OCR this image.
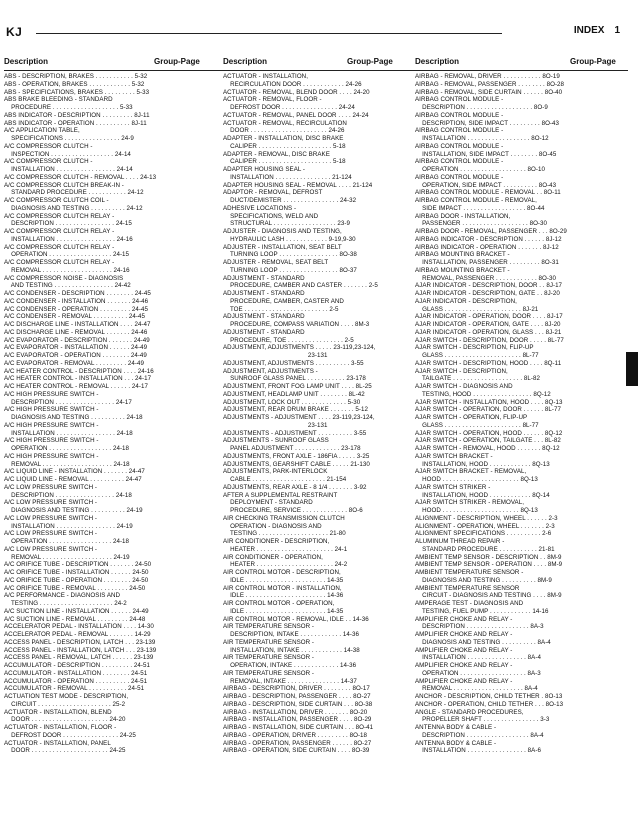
KJ	INDEX 1
Description	Group-Page	Description	Group-Page	Description	Group-Page
ABS - DESCRIPTION, BRAKES . . . . . . . . . . . 5-32
ABS - OPERATION, BRAKES . . . . . . . . . . . . 5-32
ABS - SPECIFICATIONS, BRAKES . . . . . . . . . 5-33
ABS BRAKE BLEEDING - STANDARD
PROCEDURE . . . . . . . . . . . . . . . . . . . 5-33
ABS INDICATOR - DESCRIPTION . . . . . . . . . 8J-11
ABS INDICATOR - OPERATION . . . . . . . . . . 8J-11
A/C APPLICATION TABLE,
SPECIFICATIONS . . . . . . . . . . . . . . . . 24-9
A/C COMPRESSOR CLUTCH -
INSPECTION . . . . . . . . . . . . . . . . . . 24-14
A/C COMPRESSOR CLUTCH -
INSTALLATION . . . . . . . . . . . . . . . . . 24-14
A/C COMPRESSOR CLUTCH - REMOVAL . . . . 24-13
A/C COMPRESSOR CLUTCH BREAK-IN -
STANDARD PROCEDURE . . . . . . . . . . . 24-12
A/C COMPRESSOR CLUTCH COIL -
DIAGNOSIS AND TESTING . . . . . . . . . . 24-12
A/C COMPRESSOR CLUTCH RELAY -
DESCRIPTION . . . . . . . . . . . . . . . . . 24-15
A/C COMPRESSOR CLUTCH RELAY -
INSTALLATION . . . . . . . . . . . . . . . . . 24-16
A/C COMPRESSOR CLUTCH RELAY -
OPERATION . . . . . . . . . . . . . . . . . . 24-15
A/C COMPRESSOR CLUTCH RELAY -
REMOVAL . . . . . . . . . . . . . . . . . . . . 24-16
A/C COMPRESSOR NOISE - DIAGNOSIS
AND TESTING . . . . . . . . . . . . . . . . . 24-42
A/C CONDENSER - DESCRIPTION . . . . . . . . 24-45
A/C CONDENSER - INSTALLATION . . . . . . . 24-46
A/C CONDENSER - OPERATION . . . . . . . . . 24-45
A/C CONDENSER - REMOVAL . . . . . . . . . . 24-45
A/C DISCHARGE LINE - INSTALLATION . . . . 24-47
A/C DISCHARGE LINE - REMOVAL . . . . . . . 24-46
A/C EVAPORATOR - DESCRIPTION . . . . . . . 24-49
A/C EVAPORATOR - INSTALLATION . . . . . . 24-49
A/C EVAPORATOR - OPERATION . . . . . . . . 24-49
A/C EVAPORATOR - REMOVAL . . . . . . . . . 24-49
A/C HEATER CONTROL - DESCRIPTION . . . . 24-16
A/C HEATER CONTROL - INSTALLATION . . . 24-17
A/C HEATER CONTROL - REMOVAL . . . . . . 24-17
A/C HIGH PRESSURE SWITCH -
DESCRIPTION . . . . . . . . . . . . . . . . . 24-17
A/C HIGH PRESSURE SWITCH -
DIAGNOSIS AND TESTING . . . . . . . . . . 24-18
A/C HIGH PRESSURE SWITCH -
INSTALLATION . . . . . . . . . . . . . . . . . 24-18
A/C HIGH PRESSURE SWITCH -
OPERATION . . . . . . . . . . . . . . . . . . 24-18
A/C HIGH PRESSURE SWITCH -
REMOVAL . . . . . . . . . . . . . . . . . . . . 24-18
A/C LIQUID LINE - INSTALLATION . . . . . . . 24-47
A/C LIQUID LINE - REMOVAL . . . . . . . . . . 24-47
A/C LOW PRESSURE SWITCH -
DESCRIPTION . . . . . . . . . . . . . . . . . 24-18
A/C LOW PRESSURE SWITCH -
DIAGNOSIS AND TESTING . . . . . . . . . . 24-19
A/C LOW PRESSURE SWITCH -
INSTALLATION . . . . . . . . . . . . . . . . . 24-19
A/C LOW PRESSURE SWITCH -
OPERATION . . . . . . . . . . . . . . . . . . 24-18
A/C LOW PRESSURE SWITCH -
REMOVAL . . . . . . . . . . . . . . . . . . . . 24-19
A/C ORIFICE TUBE - DESCRIPTION . . . . . . . 24-50
A/C ORIFICE TUBE - INSTALLATION . . . . . . 24-50
A/C ORIFICE TUBE - OPERATION . . . . . . . . 24-50
A/C ORIFICE TUBE - REMOVAL . . . . . . . . . 24-50
A/C PERFORMANCE - DIAGNOSIS AND
TESTING . . . . . . . . . . . . . . . . . . . . . 24-2
A/C SUCTION LINE - INSTALLATION . . . . . . 24-49
A/C SUCTION LINE - REMOVAL . . . . . . . . . 24-48
ACCELERATOR PEDAL - INSTALLATION . . . . 14-30
ACCELERATOR PEDAL - REMOVAL . . . . . . . 14-29
ACCESS PANEL - DESCRIPTION, LATCH . . . 23-139
ACCESS PANEL - INSTALLATION, LATCH . . . 23-139
ACCESS PANEL - REMOVAL, LATCH . . . . . . 23-139
ACCUMULATOR - DESCRIPTION . . . . . . . . . 24-51
ACCUMULATOR - INSTALLATION . . . . . . . . 24-51
ACCUMULATOR - OPERATION . . . . . . . . . . 24-51
ACCUMULATOR - REMOVAL . . . . . . . . . . . 24-51
ACTUATION TEST MODE - DESCRIPTION,
CIRCUIT . . . . . . . . . . . . . . . . . . . . . 25-2
ACTUATOR - INSTALLATION, BLEND
DOOR . . . . . . . . . . . . . . . . . . . . . . 24-20
ACTUATOR - INSTALLATION, FLOOR -
DEFROST DOOR . . . . . . . . . . . . . . . . 24-25
ACTUATOR - INSTALLATION, PANEL
DOOR . . . . . . . . . . . . . . . . . . . . . . 24-25
ACTUATOR - INSTALLATION,
RECIRCULATION DOOR . . . . . . . . . . . . 24-26
ACTUATOR - REMOVAL, BLEND DOOR . . . . 24-20
ACTUATOR - REMOVAL, FLOOR -
DEFROST DOOR . . . . . . . . . . . . . . . . 24-24
ACTUATOR - REMOVAL, PANEL DOOR . . . . 24-24
ACTUATOR - REMOVAL, RECIRCULATION
DOOR . . . . . . . . . . . . . . . . . . . . . . 24-26
ADAPTER - INSTALLATION, DISC BRAKE
CALIPER . . . . . . . . . . . . . . . . . . . . . 5-18
ADAPTER - REMOVAL, DISC BRAKE
CALIPER . . . . . . . . . . . . . . . . . . . . . 5-18
ADAPTER HOUSING SEAL -
INSTALLATION . . . . . . . . . . . . . . . . 21-124
ADAPTER HOUSING SEAL - REMOVAL . . . . 21-124
ADAPTOR - REMOVAL, DEFROST
DUCT/DEMISTER . . . . . . . . . . . . . . . . 24-32
ADHESIVE LOCATIONS -
SPECIFICATIONS, WELD AND
STRUCTURAL . . . . . . . . . . . . . . . . . . 23-9
ADJUSTER - DIAGNOSIS AND TESTING,
HYDRAULIC LASH . . . . . . . . . . . . 9-19,9-30
ADJUSTER - INSTALLATION, SEAT BELT
TURNING LOOP . . . . . . . . . . . . . . . . . 8O-38
ADJUSTER - REMOVAL, SEAT BELT
TURNING LOOP . . . . . . . . . . . . . . . . . 8O-37
ADJUSTMENT - STANDARD
PROCEDURE, CAMBER AND CASTER . . . . . . . 2-5
ADJUSTMENT - STANDARD
PROCEDURE, CAMBER, CASTER AND
TOE . . . . . . . . . . . . . . . . . . . . . . . . 2-5
ADJUSTMENT - STANDARD
PROCEDURE, COMPASS VARIATION . . . . 8M-3
ADJUSTMENT - STANDARD
PROCEDURE, TOE . . . . . . . . . . . . . . . . 2-5
ADJUSTMENT, ADJUSTMENTS . . . . . 23-119,23-124,
23-131
ADJUSTMENT, ADJUSTMENTS . . . . . . . . . . 3-55
ADJUSTMENT, ADJUSTMENTS -
SUNROOF GLASS PANEL . . . . . . . . . . . 23-178
ADJUSTMENT, FRONT FOG LAMP UNIT . . . . 8L-25
ADJUSTMENT, HEADLAMP UNIT . . . . . . . . 8L-42
ADJUSTMENT, LOCK OUT . . . . . . . . . . . . . 5-30
ADJUSTMENT, REAR DRUM BRAKE . . . . . . . 5-12
ADJUSTMENTS - ADJUSTMENT . . . . 23-119,23-124,
23-131
ADJUSTMENTS - ADJUSTMENT . . . . . . . . . . 3-55
ADJUSTMENTS - SUNROOF GLASS
PANEL ADJUSTMENT . . . . . . . . . . . . . 23-178
ADJUSTMENTS, FRONT AXLE - 186FIA . . . . . 3-25
ADJUSTMENTS, GEARSHIFT CABLE . . . . . 21-130
ADJUSTMENTS, PARK-INTERLOCK
CABLE . . . . . . . . . . . . . . . . . . . . . 21-154
ADJUSTMENTS, REAR AXLE - 8 1/4 . . . . . . . 3-92
AFTER A SUPPLEMENTAL RESTRAINT
DEPLOYMENT - STANDARD
PROCEDURE, SERVICE . . . . . . . . . . . . . 8O-6
AIR CHECKING TRANSMISSION CLUTCH
OPERATION - DIAGNOSIS AND
TESTING . . . . . . . . . . . . . . . . . . . . 21-80
AIR CONDITIONER - DESCRIPTION,
HEATER . . . . . . . . . . . . . . . . . . . . . . 24-1
AIR CONDITIONER - OPERATION,
HEATER . . . . . . . . . . . . . . . . . . . . . . 24-2
AIR CONTROL MOTOR - DESCRIPTION,
IDLE . . . . . . . . . . . . . . . . . . . . . . . 14-35
AIR CONTROL MOTOR - INSTALLATION,
IDLE . . . . . . . . . . . . . . . . . . . . . . . 14-36
AIR CONTROL MOTOR - OPERATION,
IDLE . . . . . . . . . . . . . . . . . . . . . . . 14-35
AIR CONTROL MOTOR - REMOVAL, IDLE . . 14-36
AIR TEMPERATURE SENSOR -
DESCRIPTION, INTAKE . . . . . . . . . . . . 14-36
AIR TEMPERATURE SENSOR -
INSTALLATION, INTAKE . . . . . . . . . . . . 14-38
AIR TEMPERATURE SENSOR -
OPERATION, INTAKE . . . . . . . . . . . . . 14-36
AIR TEMPERATURE SENSOR -
REMOVAL, INTAKE . . . . . . . . . . . . . . . 14-37
AIRBAG - DESCRIPTION, DRIVER . . . . . . . . 8O-17
AIRBAG - DESCRIPTION, PASSENGER . . . . 8O-27
AIRBAG - DESCRIPTION, SIDE CURTAIN . . . 8O-38
AIRBAG - INSTALLATION, DRIVER . . . . . . . 8O-20
AIRBAG - INSTALLATION, PASSENGER . . . . 8O-29
AIRBAG - INSTALLATION, SIDE CURTAIN . . . 8O-41
AIRBAG - OPERATION, DRIVER . . . . . . . . . 8O-18
AIRBAG - OPERATION, PASSENGER . . . . . . 8O-27
AIRBAG - OPERATION, SIDE CURTAIN . . . . 8O-39
AIRBAG - REMOVAL, DRIVER . . . . . . . . . . . 8O-19
AIRBAG - REMOVAL, PASSENGER . . . . . . . . 8O-28
AIRBAG - REMOVAL, SIDE CURTAIN . . . . . . 8O-40
AIRBAG CONTROL MODULE -
DESCRIPTION . . . . . . . . . . . . . . . . . . . 8O-9
AIRBAG CONTROL MODULE -
DESCRIPTION, SIDE IMPACT . . . . . . . . . 8O-43
AIRBAG CONTROL MODULE -
INSTALLATION . . . . . . . . . . . . . . . . . . 8O-12
AIRBAG CONTROL MODULE -
INSTALLATION, SIDE IMPACT . . . . . . . . 8O-45
AIRBAG CONTROL MODULE -
OPERATION . . . . . . . . . . . . . . . . . . . 8O-10
AIRBAG CONTROL MODULE -
OPERATION, SIDE IMPACT . . . . . . . . . . 8O-43
AIRBAG CONTROL MODULE - REMOVAL . . 8O-11
AIRBAG CONTROL MODULE - REMOVAL,
SIDE IMPACT . . . . . . . . . . . . . . . . . . 8O-44
AIRBAG DOOR - INSTALLATION,
PASSENGER . . . . . . . . . . . . . . . . . . . 8O-30
AIRBAG DOOR - REMOVAL, PASSENGER . . . 8O-29
AIRBAG INDICATOR - DESCRIPTION . . . . . . 8J-12
AIRBAG INDICATOR - OPERATION . . . . . . . 8J-12
AIRBAG MOUNTING BRACKET -
INSTALLATION, PASSENGER . . . . . . . . . 8O-31
AIRBAG MOUNTING BRACKET -
REMOVAL, PASSENGER . . . . . . . . . . . . 8O-30
AJAR INDICATOR - DESCRIPTION, DOOR . . 8J-17
AJAR INDICATOR - DESCRIPTION, GATE . . 8J-20
AJAR INDICATOR - DESCRIPTION,
GLASS . . . . . . . . . . . . . . . . . . . . . . 8J-21
AJAR INDICATOR - OPERATION, DOOR . . . . 8J-17
AJAR INDICATOR - OPERATION, GATE . . . . 8J-20
AJAR INDICATOR - OPERATION, GLASS . . . 8J-21
AJAR SWITCH - DESCRIPTION, DOOR . . . . . 8L-77
AJAR SWITCH - DESCRIPTION, FLIP-UP
GLASS . . . . . . . . . . . . . . . . . . . . . . 8L-77
AJAR SWITCH - DESCRIPTION, HOOD . . . . 8Q-11
AJAR SWITCH - DESCRIPTION,
TAILGATE . . . . . . . . . . . . . . . . . . . . 8L-82
AJAR SWITCH - DIAGNOSIS AND
TESTING, HOOD . . . . . . . . . . . . . . . . . 8Q-12
AJAR SWITCH - INSTALLATION, HOOD . . . . 8Q-13
AJAR SWITCH - OPERATION, DOOR . . . . . . 8L-77
AJAR SWITCH - OPERATION, FLIP-UP
GLASS . . . . . . . . . . . . . . . . . . . . . . 8L-77
AJAR SWITCH - OPERATION, HOOD . . . . . . 8Q-12
AJAR SWITCH - OPERATION, TAILGATE . . . 8L-82
AJAR SWITCH - REMOVAL, HOOD . . . . . . . 8Q-12
AJAR SWITCH BRACKET -
INSTALLATION, HOOD . . . . . . . . . . . . 8Q-13
AJAR SWITCH BRACKET - REMOVAL,
HOOD . . . . . . . . . . . . . . . . . . . . . . 8Q-13
AJAR SWITCH STRIKER -
INSTALLATION, HOOD . . . . . . . . . . . . 8Q-14
AJAR SWITCH STRIKER - REMOVAL,
HOOD . . . . . . . . . . . . . . . . . . . . . . 8Q-13
ALIGNMENT - DESCRIPTION, WHEEL . . . . . . 2-3
ALIGNMENT - OPERATION, WHEEL . . . . . . . 2-3
ALIGNMENT SPECIFICATIONS . . . . . . . . . . 2-6
ALUMINUM THREAD REPAIR -
STANDARD PROCEDURE . . . . . . . . . . . 21-81
AMBIENT TEMP SENSOR - DESCRIPTION . . 8M-9
AMBIENT TEMP SENSOR - OPERATION . . . . 8M-9
AMBIENT TEMPERATURE SENSOR -
DIAGNOSIS AND TESTING . . . . . . . . . . 8M-9
AMBIENT TEMPERATURE SENSOR
CIRCUIT - DIAGNOSIS AND TESTING . . . . 8M-9
AMPERAGE TEST - DIAGNOSIS AND
TESTING, FUEL PUMP . . . . . . . . . . . . 14-16
AMPLIFIER CHOKE AND RELAY -
DESCRIPTION . . . . . . . . . . . . . . . . . . 8A-3
AMPLIFIER CHOKE AND RELAY -
DIAGNOSIS AND TESTING . . . . . . . . . . 8A-4
AMPLIFIER CHOKE AND RELAY -
INSTALLATION . . . . . . . . . . . . . . . . . 8A-4
AMPLIFIER CHOKE AND RELAY -
OPERATION . . . . . . . . . . . . . . . . . . . 8A-3
AMPLIFIER CHOKE AND RELAY -
REMOVAL . . . . . . . . . . . . . . . . . . . . 8A-4
ANCHOR - DESCRIPTION, CHILD TETHER . 8O-13
ANCHOR - OPERATION, CHILD TETHER . . . 8O-13
ANGLE - STANDARD PROCEDURES,
PROPELLER SHAFT . . . . . . . . . . . . . . . . 3-3
ANTENNA BODY & CABLE -
DESCRIPTION . . . . . . . . . . . . . . . . . . 8A-4
ANTENNA BODY & CABLE -
INSTALLATION . . . . . . . . . . . . . . . . . 8A-6
